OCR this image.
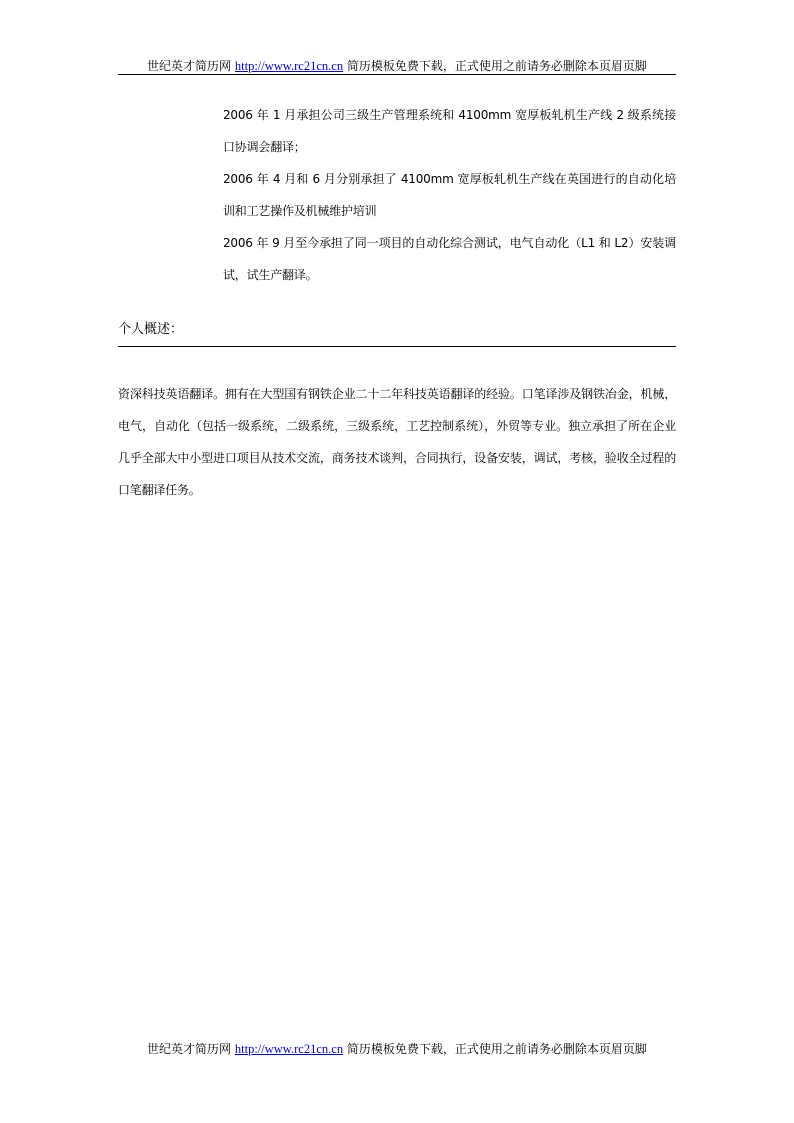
世纪英才简历网 http://www.rc21cn.cn 简历模板免费下载，正式使用之前请务必删除本页眉页脚

2006 年 1 月承担公司三级生产管理系统和 4100mm 宽厚板轧机生产线 2 级系统接口协调会翻译；

2006 年 4 月和 6 月分别承担了 4100mm 宽厚板轧机生产线在英国进行的自动化培训和工艺操作及机械维护培训

2006 年 9 月至今承担了同一项目的自动化综合测试，电气自动化（L1 和 L2）安装调试，试生产翻译。

个人概述：

资深科技英语翻译。拥有在大型国有钢铁企业二十二年科技英语翻译的经验。口笔译涉及钢铁冶金，机械，电气，自动化（包括一级系统，二级系统，三级系统，工艺控制系统），外贸等专业。独立承担了所在企业几乎全部大中小型进口项目从技术交流，商务技术谈判，合同执行，设备安装，调试，考核，验收全过程的口笔翻译任务。

世纪英才简历网 http://www.rc21cn.cn 简历模板免费下载，正式使用之前请务必删除本页眉页脚
